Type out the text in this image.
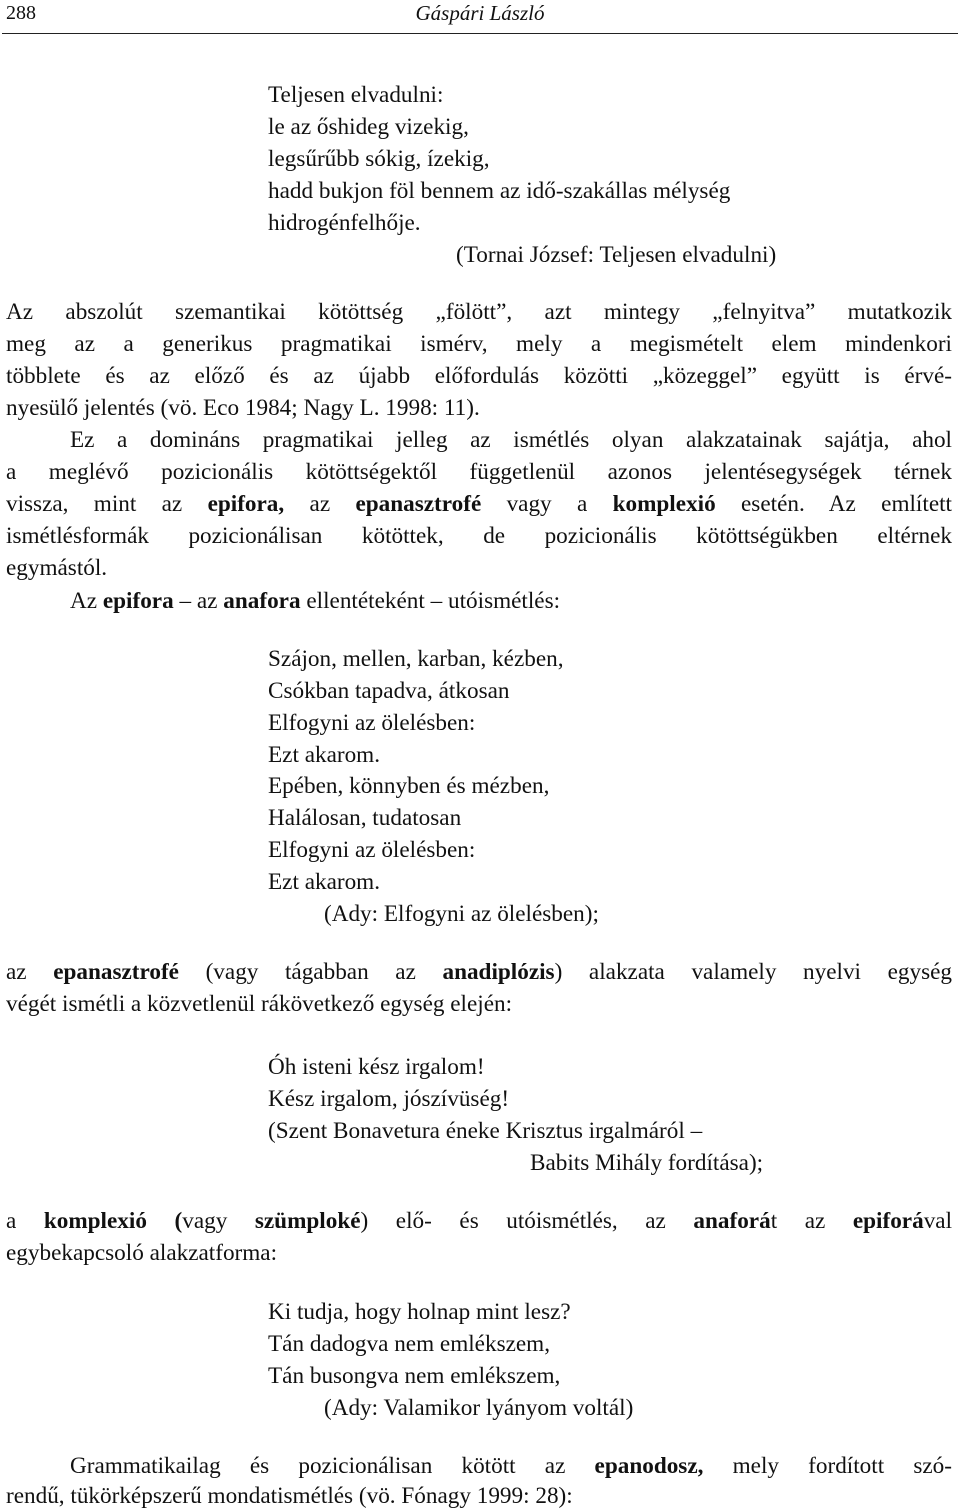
288	Gáspári László
Teljesen elvadulni:
le az őshideg vizekig,
legsűrűbb sókig, ízekig,
hadd bukjon föl bennem az idő-szakállas mélység
hidrogénfelhője.
(Tornai József: Teljesen elvadulni)
Az abszolút szemantikai kötöttség „fölött”, azt mintegy „felnyitva” mutatkozik
meg az a generikus pragmatikai ismérv, mely a megismételt elem mindenkori
többlete és az előző és az újabb előfordulás közötti „közeggel” együtt is érvé-
nyesülő jelentés (vö. Eco 1984; Nagy L. 1998: 11).
Ez a domináns pragmatikai jelleg az ismétlés olyan alakzatainak sajátja, ahol
a meglévő pozicionális kötöttségektől függetlenül azonos jelentésegységek térnek
vissza, mint az epifora, az epanasztrofé vagy a komplexió esetén. Az említett
ismétlésformák pozicionálisan kötöttek, de pozicionális kötöttségükben eltérnek
egymástól.
Az epifora – az anafora ellentéteként – utóismétlés:
Szájon, mellen, karban, kézben,
Csókban tapadva, átkosan
Elfogyni az ölelésben:
Ezt akarom.
Epében, könnyben és mézben,
Halálosan, tudatosan
Elfogyni az ölelésben:
Ezt akarom.
(Ady: Elfogyni az ölelésben);
az epanasztrofé (vagy tágabban az anadiplózis) alakzata valamely nyelvi egység
végét ismétli a közvetlenül rákövetkező egység elején:
Óh isteni kész irgalom!
Kész irgalom, jószívüség!
(Szent Bonavetura éneke Krisztus irgalmáról –
Babits Mihály fordítása);
a komplexió (vagy szümploké) elő- és utóismétlés, az anaforát az epiforával
egybekapcsoló alakzatforma:
Ki tudja, hogy holnap mint lesz?
Tán dadogva nem emlékszem,
Tán busongva nem emlékszem,
(Ady: Valamikor lyányom voltál)
Grammatikailag és pozicionálisan kötött az epanodosz, mely fordított szó-
rendű, tükörképszerű mondatismétlés (vö. Fónagy 1999: 28):
